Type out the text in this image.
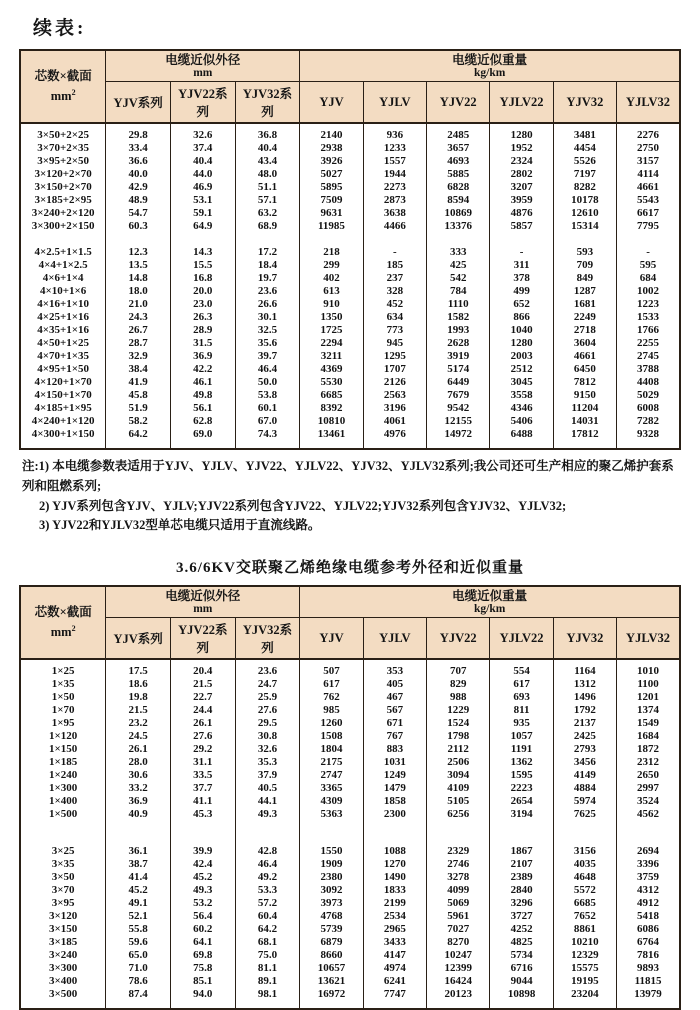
续表:
芯数×截面
$mm^2$	
电缆近似外径
mm

电缆近似重量
kg/km

	YJV系列	YJV22系列	YJV32系列	YJV	YJLV	YJV22	YJLV22	YJV32	YJLV32
3×50+2×25	29.8	32.6	36.8	2140	936	2485	1280	3481	2276
3×70+2×35	33.4	37.4	40.4	2938	1233	3657	1952	4454	2750
3×95+2×50	36.6	40.4	43.4	3926	1557	4693	2324	5526	3157
3×120+2×70	40.0	44.0	48.0	5027	1944	5885	2802	7197	4114
3×150+2×70	42.9	46.9	51.1	5895	2273	6828	3207	8282	4661
3×185+2×95	48.9	53.1	57.1	7509	2873	8594	3959	10178	5543
3×240+2×120	54.7	59.1	63.2	9631	3638	10869	4876	12610	6617
3×300+2×150	60.3	64.9	68.9	11985	4466	13376	5857	15314	7795

4×2.5+1×1.5	12.3	14.3	17.2	218	-	333	-	593	-
4×4+1×2.5	13.5	15.5	18.4	299	185	425	311	709	595
4×6+1×4	14.8	16.8	19.7	402	237	542	378	849	684
4×10+1×6	18.0	20.0	23.6	613	328	784	499	1287	1002
4×16+1×10	21.0	23.0	26.6	910	452	1110	652	1681	1223
4×25+1×16	24.3	26.3	30.1	1350	634	1582	866	2249	1533
4×35+1×16	26.7	28.9	32.5	1725	773	1993	1040	2718	1766
4×50+1×25	28.7	31.5	35.6	2294	945	2628	1280	3604	2255
4×70+1×35	32.9	36.9	39.7	3211	1295	3919	2003	4661	2745
4×95+1×50	38.4	42.2	46.4	4369	1707	5174	2512	6450	3788
4×120+1×70	41.9	46.1	50.0	5530	2126	6449	3045	7812	4408
4×150+1×70	45.8	49.8	53.8	6685	2563	7679	3558	9150	5029
4×185+1×95	51.9	56.1	60.1	8392	3196	9542	4346	11204	6008
4×240+1×120	58.2	62.8	67.0	10810	4061	12155	5406	14031	7282
4×300+1×150	64.2	69.0	74.3	13461	4976	14972	6488	17812	9328

注:1) 本电缆参数表适用于YJV、YJLV、YJV22、YJLV22、YJV32、YJLV32系列;我公司还可生产相应的聚乙烯护套系列和阻燃系列;

2) YJV系列包含YJV、YJLV;YJV22系列包含YJV22、YJLV22;YJV32系列包含YJV32、YJLV32;

3) YJV22和YJLV32型单芯电缆只适用于直流线路。

3.6/6KV交联聚乙烯绝缘电缆参考外径和近似重量
芯数×截面
$mm^2$	
电缆近似外径
mm

电缆近似重量
kg/km

	YJV系列	YJV22系列	YJV32系列	YJV	YJLV	YJV22	YJLV22	YJV32	YJLV32
1×25	17.5	20.4	23.6	507	353	707	554	1164	1010
1×35	18.6	21.5	24.7	617	405	829	617	1312	1100
1×50	19.8	22.7	25.9	762	467	988	693	1496	1201
1×70	21.5	24.4	27.6	985	567	1229	811	1792	1374
1×95	23.2	26.1	29.5	1260	671	1524	935	2137	1549
1×120	24.5	27.6	30.8	1508	767	1798	1057	2425	1684
1×150	26.1	29.2	32.6	1804	883	2112	1191	2793	1872
1×185	28.0	31.1	35.3	2175	1031	2506	1362	3456	2312
1×240	30.6	33.5	37.9	2747	1249	3094	1595	4149	2650
1×300	33.2	37.7	40.5	3365	1479	4109	2223	4884	2997
1×400	36.9	41.1	44.1	4309	1858	5105	2654	5974	3524
1×500	40.9	45.3	49.3	5363	2300	6256	3194	7625	4562

3×25	36.1	39.9	42.8	1550	1088	2329	1867	3156	2694
3×35	38.7	42.4	46.4	1909	1270	2746	2107	4035	3396
3×50	41.4	45.2	49.2	2380	1490	3278	2389	4648	3759
3×70	45.2	49.3	53.3	3092	1833	4099	2840	5572	4312
3×95	49.1	53.2	57.2	3973	2199	5069	3296	6685	4912
3×120	52.1	56.4	60.4	4768	2534	5961	3727	7652	5418
3×150	55.8	60.2	64.2	5739	2965	7027	4252	8861	6086
3×185	59.6	64.1	68.1	6879	3433	8270	4825	10210	6764
3×240	65.0	69.8	75.0	8660	4147	10247	5734	12329	7816
3×300	71.0	75.8	81.1	10657	4974	12399	6716	15575	9893
3×400	78.6	85.1	89.1	13621	6241	16424	9044	19195	11815
3×500	87.4	94.0	98.1	16972	7747	20123	10898	23204	13979
